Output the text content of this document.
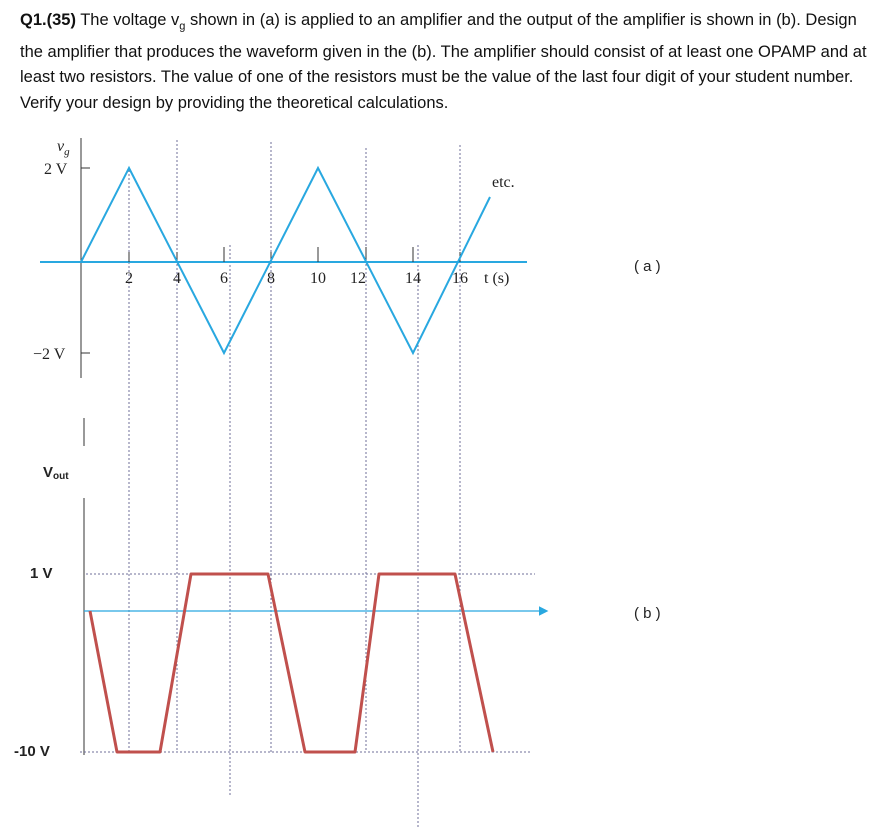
Q1.(35) The voltage $v_g$ shown in (a) is applied to an amplifier and the output of the amplifier is shown in (b). Design the amplifier that produces the waveform given in the (b). The amplifier should consist of at least one OPAMP and at least two resistors. The value of one of the resistors must be the value of the last four digit of your student number. Verify your design by providing the theoretical calculations.
$v_g$
2 V
−2 V
etc.
t (s)
2	4 6 8 10 12 14 16
( a )
Vout
1 V
-10 V
( b )
